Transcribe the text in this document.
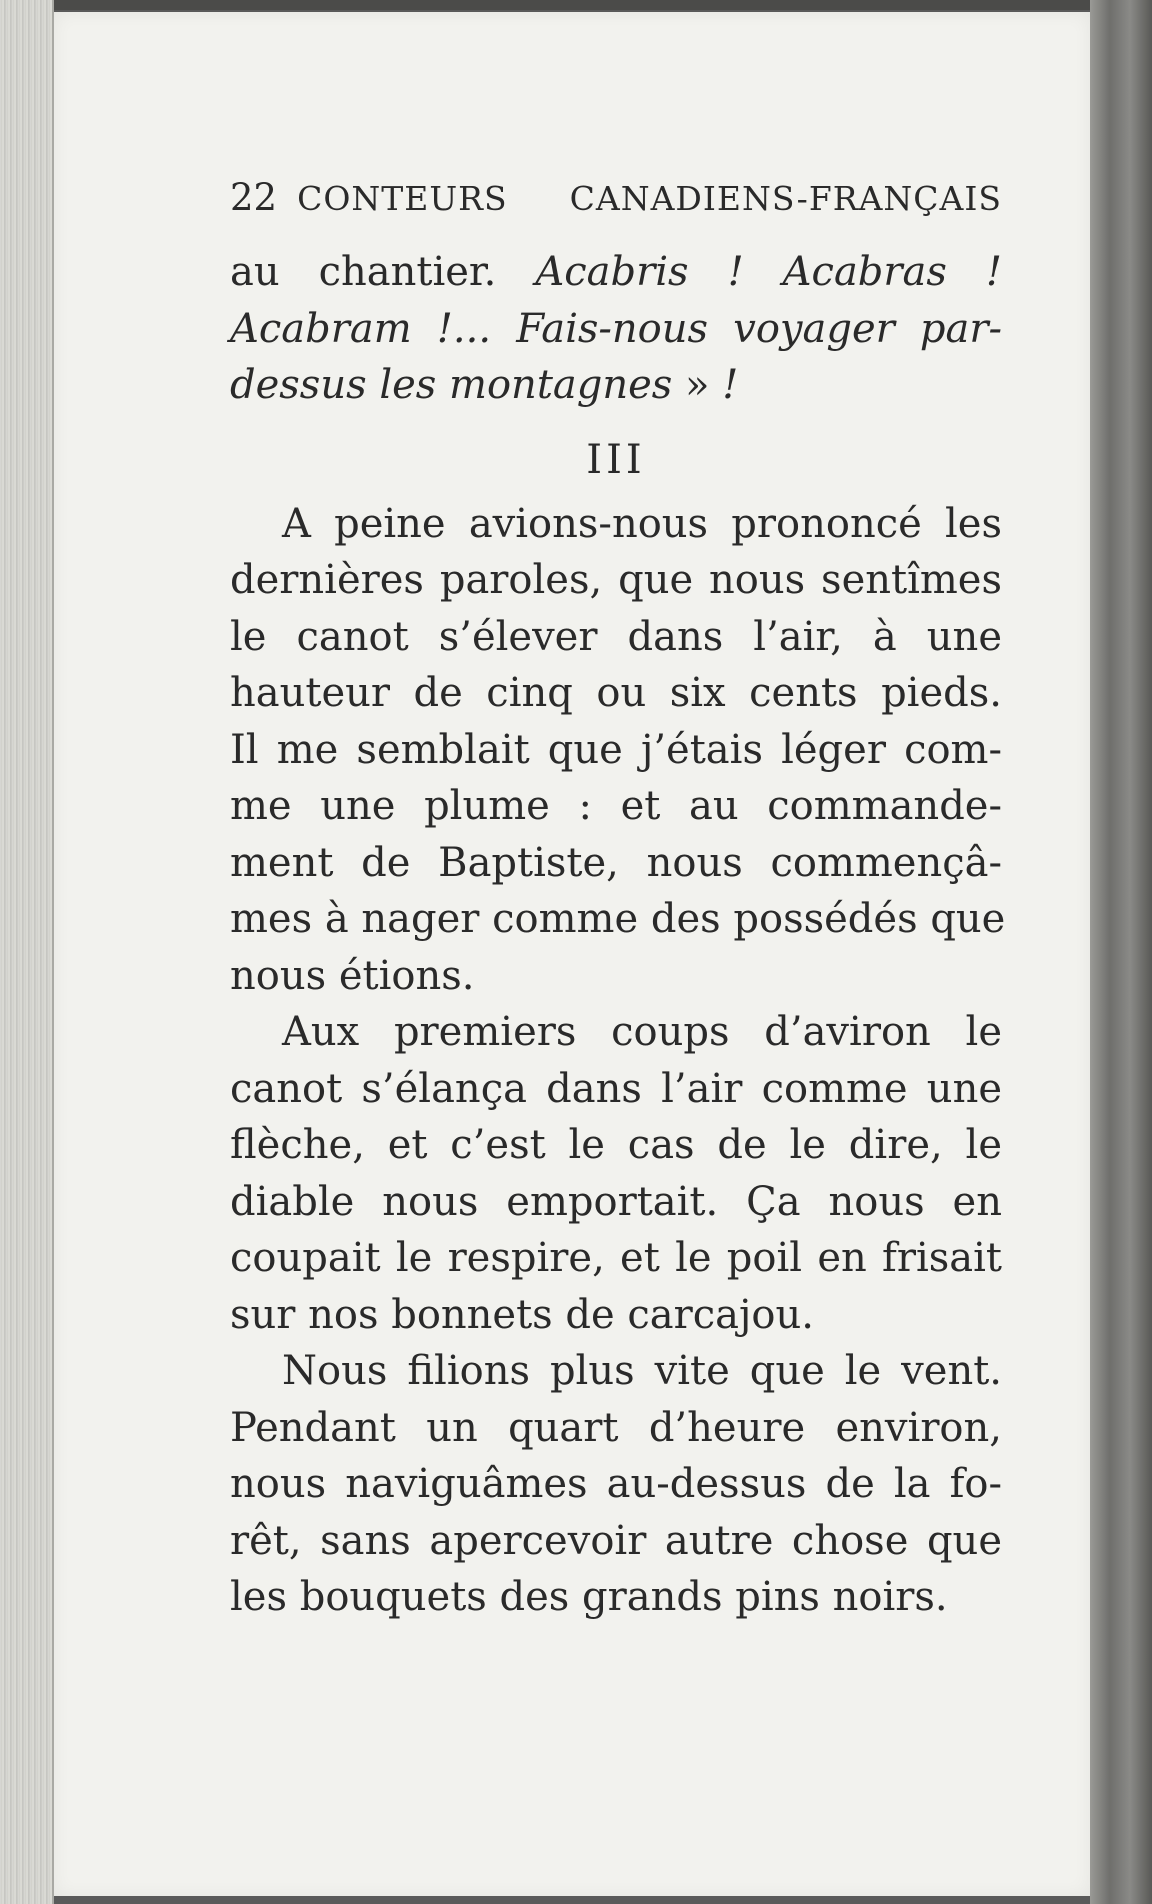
22 CONTEURS CANADIENS-FRANÇAIS
au chantier. Acabris ! Acabras !
Acabram !... Fais-nous voyager par-
dessus les montagnes » !
III
A peine avions-nous prononcé les
dernières paroles, que nous sentîmes
le canot s’élever dans l’air, à une
hauteur de cinq ou six cents pieds.
Il me semblait que j’étais léger com-
me une plume : et au commande-
ment de Baptiste, nous commençâ-
mes à nager comme des possédés que
nous étions.
Aux premiers coups d’aviron le
canot s’élança dans l’air comme une
flèche, et c’est le cas de le dire, le
diable nous emportait. Ça nous en
coupait le respire, et le poil en frisait
sur nos bonnets de carcajou.
Nous filions plus vite que le vent.
Pendant un quart d’heure environ,
nous naviguâmes au-dessus de la fo-
rêt, sans apercevoir autre chose que
les bouquets des grands pins noirs.
